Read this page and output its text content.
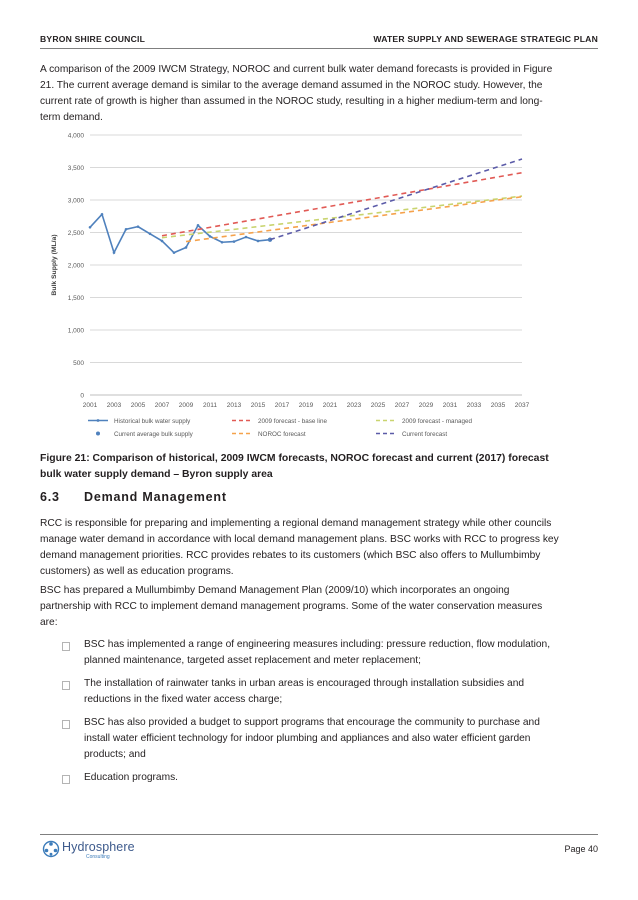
BYRON SHIRE COUNCIL	WATER SUPPLY AND SEWERAGE STRATEGIC PLAN

A comparison of the 2009 IWCM Strategy, NOROC and current bulk water demand forecasts is provided in Figure 21. The current average demand is similar to the average demand assumed in the NOROC study. However, the current rate of growth is higher than assumed in the NOROC study, resulting in a higher medium-term and long-term demand.

0
500
1,000
1,500
2,000
2,500
3,000
3,500
4,000
2001 2003 2005 2007 2009 2011 2013 2015 2017 2019 2021 2023 2025 2027 2029 2031 2033 2035 2037
Bulk Supply (ML/a)
Historical bulk water supply	2009 forecast - base line	2009 forecast - managed
Current average bulk supply	NOROC forecast	Current forecast

Figure 21: Comparison of historical, 2009 IWCM forecasts, NOROC forecast and current (2017) forecast bulk water supply demand – Byron supply area

6.3 Demand Management

RCC is responsible for preparing and implementing a regional demand management strategy while other councils manage water demand in accordance with local demand management plans. BSC works with RCC to progress key demand management priorities. RCC provides rebates to its customers (which BSC also offers to Mullumbimby customers) as well as education programs.

BSC has prepared a Mullumbimby Demand Management Plan (2009/10) which incorporates an ongoing partnership with RCC to implement demand management programs. Some of the water conservation measures are:

BSC has implemented a range of engineering measures including: pressure reduction, flow modulation, planned maintenance, targeted asset replacement and meter replacement;
The installation of rainwater tanks in urban areas is encouraged through installation subsidies and reductions in the fixed water access charge;
BSC has also provided a budget to support programs that encourage the community to purchase and install water efficient technology for indoor plumbing and appliances and also water efficient garden products; and
Education programs.
Hydrosphere
Consulting
Page 40
